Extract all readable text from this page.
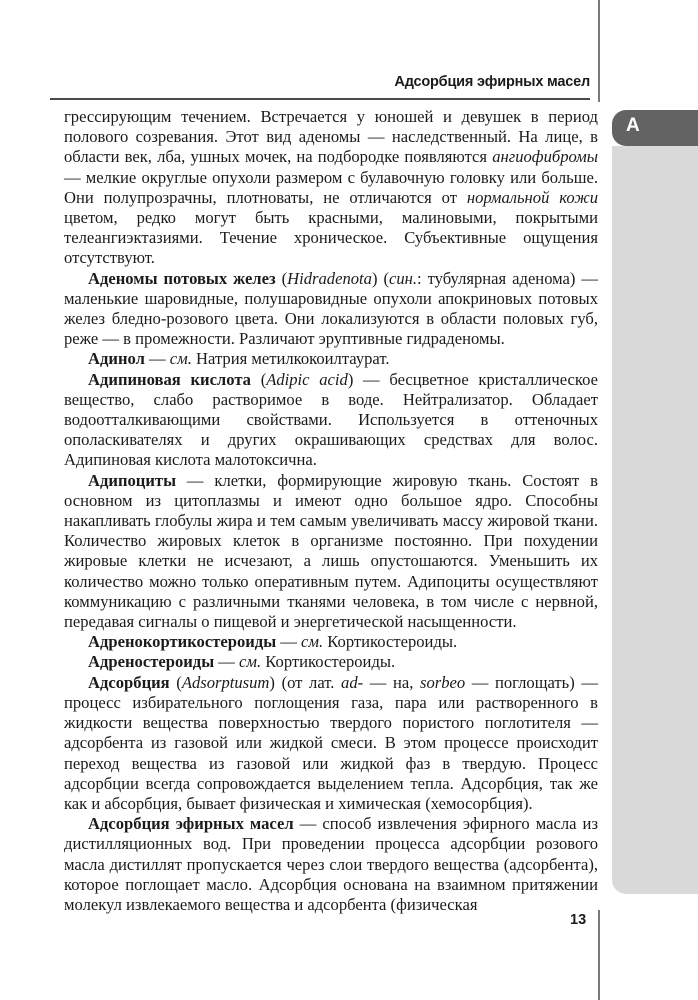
Адсорбция эфирных масел
А

грессирующим течением. Встречается у юношей и девушек в период полового созревания. Этот вид аденомы — наследственный. На лице, в области век, лба, ушных мочек, на подбородке появляются ангиофибромы — мелкие округлые опухоли размером с булавочную головку или больше. Они полупрозрачны, плотноваты, не отличаются от нормальной кожи цветом, редко могут быть красными, малиновыми, покрытыми телеангиэктазиями. Течение хроническое. Субъективные ощущения отсутствуют.

Аденомы потовых желез (Hidradenota) (син.: тубулярная аденома) — маленькие шаровидные, полушаровидные опухоли апокриновых потовых желез бледно-розового цвета. Они локализуются в области половых губ, реже — в промежности. Различают эруптивные гидраденомы.

Адинол — см. Натрия метилкокоилтаурат.

Адипиновая кислота (Adipic acid) — бесцветное кристаллическое вещество, слабо растворимое в воде. Нейтрализатор. Обладает водоотталкивающими свойствами. Используется в оттеночных ополаскивателях и других окрашивающих средствах для волос. Адипиновая кислота малотоксична.

Адипоциты — клетки, формирующие жировую ткань. Состоят в основном из цитоплазмы и имеют одно большое ядро. Способны накапливать глобулы жира и тем самым увеличивать массу жировой ткани. Количество жировых клеток в организме постоянно. При похудении жировые клетки не исчезают, а лишь опустошаются. Уменьшить их количество можно только оперативным путем. Адипоциты осуществляют коммуникацию с различными тканями человека, в том числе с нервной, передавая сигналы о пищевой и энергетической насыщенности.

Адренокортикостероиды — см. Кортикостероиды.

Адреностероиды — см. Кортикостероиды.

Адсорбция (Adsorptusum) (от лат. ad- — на, sorbeo — поглощать) — процесс избирательного поглощения газа, пара или растворенного в жидкости вещества поверхностью твердого пористого поглотителя — адсорбента из газовой или жидкой смеси. В этом процессе происходит переход вещества из газовой или жидкой фаз в твердую. Процесс адсорбции всегда сопровождается выделением тепла. Адсорбция, так же как и абсорбция, бывает физическая и химическая (хемосорбция).

Адсорбция эфирных масел — способ извлечения эфирного масла из дистилляционных вод. При проведении процесса адсорбции розового масла дистиллят пропускается через слои твердого вещества (адсорбента), которое поглощает масло. Адсорбция основана на взаимном притяжении молекул извлекаемого вещества и адсорбента (физическая

13
